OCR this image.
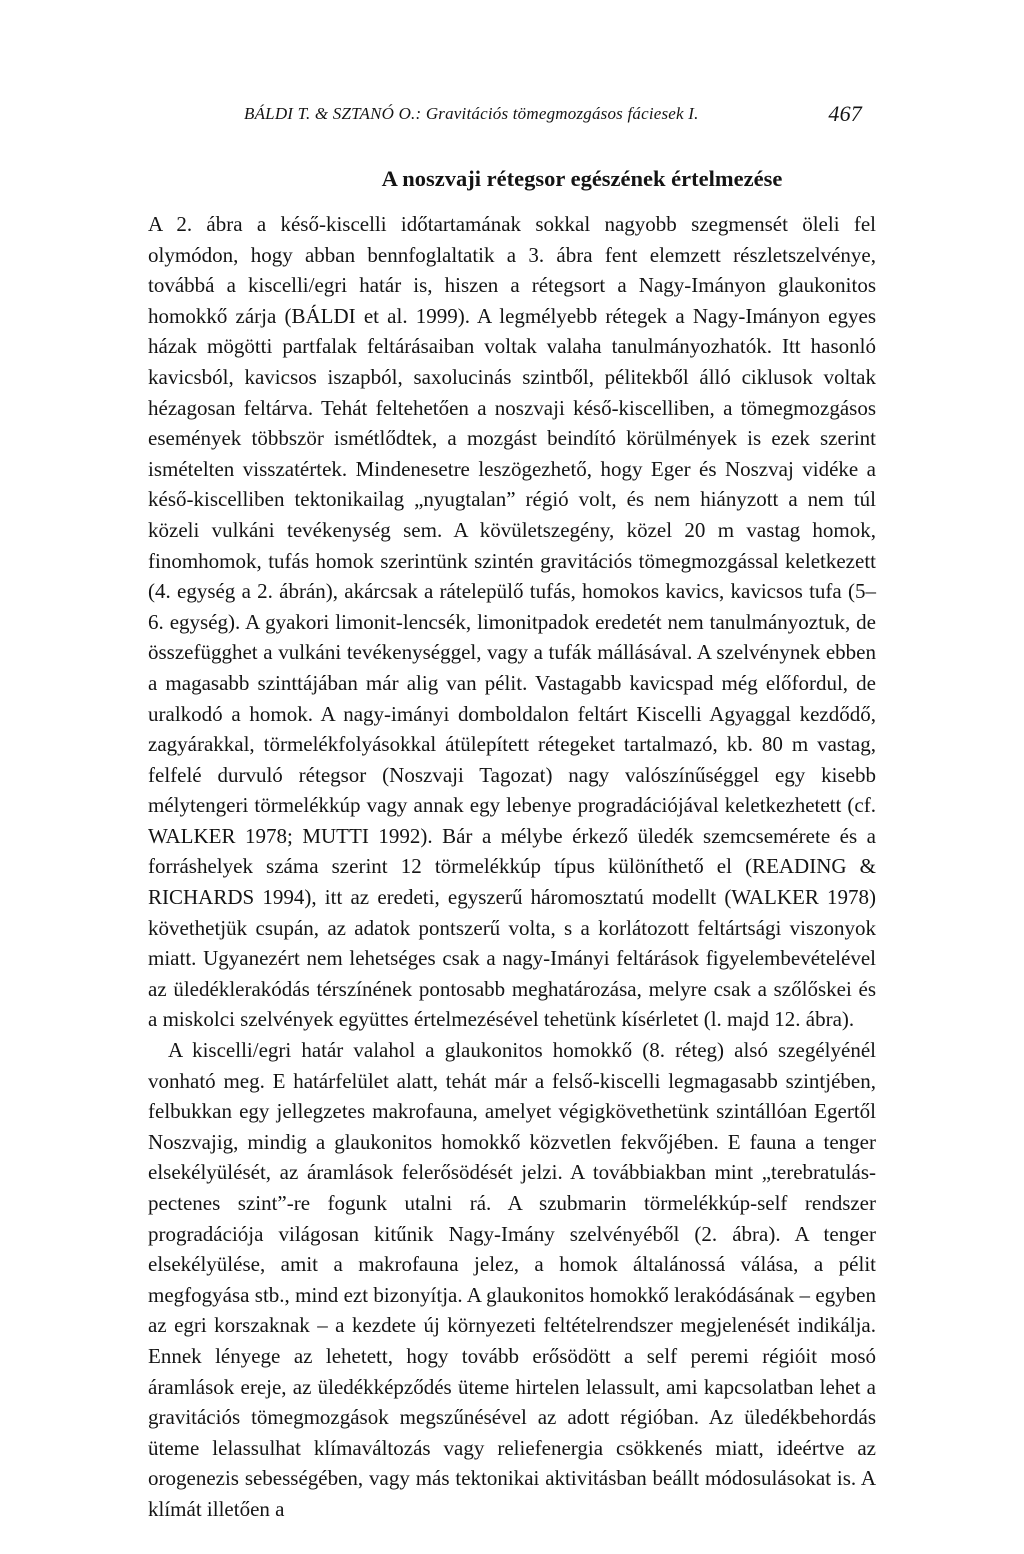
BÁLDI T. & SZTANÓ O.: Gravitációs tömegmozgásos fáciesek I.	467
A noszvaji rétegsor egészének értelmezése

A 2. ábra a késő-kiscelli időtartamának sokkal nagyobb szegmensét öleli fel olymódon, hogy abban bennfoglaltatik a 3. ábra fent elemzett részletszelvénye, továbbá a kiscelli/egri határ is, hiszen a rétegsort a Nagy-Imányon glaukonitos homokkő zárja (BÁLDI et al. 1999). A legmélyebb rétegek a Nagy-Imányon egyes házak mögötti partfalak feltárásaiban voltak valaha tanulmányozhatók. Itt hasonló kavicsból, kavicsos iszapból, saxolucinás szintből, pélitekből álló ciklusok voltak hézagosan feltárva. Tehát feltehetően a noszvaji késő-kiscelliben, a tömegmozgásos események többször ismétlődtek, a mozgást beindító körülmények is ezek szerint ismételten visszatértek. Mindenesetre leszögezhető, hogy Eger és Noszvaj vidéke a késő-kiscelliben tektonikailag „nyugtalan” régió volt, és nem hiányzott a nem túl közeli vulkáni tevékenység sem. A kövületszegény, közel 20 m vastag homok, finomhomok, tufás homok szerintünk szintén gravitációs tömegmozgással keletkezett (4. egység a 2. ábrán), akárcsak a rátelepülő tufás, homokos kavics, kavicsos tufa (5–6. egység). A gyakori limonit-lencsék, limonitpadok eredetét nem tanulmányoztuk, de összefügghet a vulkáni tevékenységgel, vagy a tufák mállásával. A szelvénynek ebben a magasabb szinttájában már alig van pélit. Vastagabb kavicspad még előfordul, de uralkodó a homok. A nagy-imányi domboldalon feltárt Kiscelli Agyaggal kezdődő, zagyárakkal, törmelékfolyásokkal átülepített rétegeket tartalmazó, kb. 80 m vastag, felfelé durvuló rétegsor (Noszvaji Tagozat) nagy valószínűséggel egy kisebb mélytengeri törmelékkúp vagy annak egy lebenye progradációjával keletkezhetett (cf. WALKER 1978; MUTTI 1992). Bár a mélybe érkező üledék szemcsemérete és a forráshelyek száma szerint 12 törmelékkúp típus különíthető el (READING & RICHARDS 1994), itt az eredeti, egyszerű háromosztatú modellt (WALKER 1978) követhetjük csupán, az adatok pontszerű volta, s a korlátozott feltártsági viszonyok miatt. Ugyanezért nem lehetséges csak a nagy-Imányi feltárások figyelembevételével az üledéklerakódás térszínének pontosabb meghatározása, melyre csak a szőlőskei és a miskolci szelvények együttes értelmezésével tehetünk kísérletet (l. majd 12. ábra).

A kiscelli/egri határ valahol a glaukonitos homokkő (8. réteg) alsó szegélyénél vonható meg. E határfelület alatt, tehát már a felső-kiscelli legmagasabb szintjében, felbukkan egy jellegzetes makrofauna, amelyet végigkövethetünk szintállóan Egertől Noszvajig, mindig a glaukonitos homokkő közvetlen fekvőjében. E fauna a tenger elsekélyülését, az áramlások felerősödését jelzi. A továbbiakban mint „terebratulás-pectenes szint”-re fogunk utalni rá. A szubmarin törmelékkúp-self rendszer progradációja világosan kitűnik Nagy-Imány szelvényéből (2. ábra). A tenger elsekélyülése, amit a makrofauna jelez, a homok általánossá válása, a pélit megfogyása stb., mind ezt bizonyítja. A glaukonitos homokkő lerakódásának – egyben az egri korszaknak – a kezdete új környezeti feltételrendszer megjelenését indikálja. Ennek lényege az lehetett, hogy tovább erősödött a self peremi régióit mosó áramlások ereje, az üledékképződés üteme hirtelen lelassult, ami kapcsolatban lehet a gravitációs tömegmozgások megszűnésével az adott régióban. Az üledékbehordás üteme lelassulhat klímaváltozás vagy reliefenergia csökkenés miatt, ideértve az orogenezis sebességében, vagy más tektonikai aktivitásban beállt módosulásokat is. A klímát illetően a
